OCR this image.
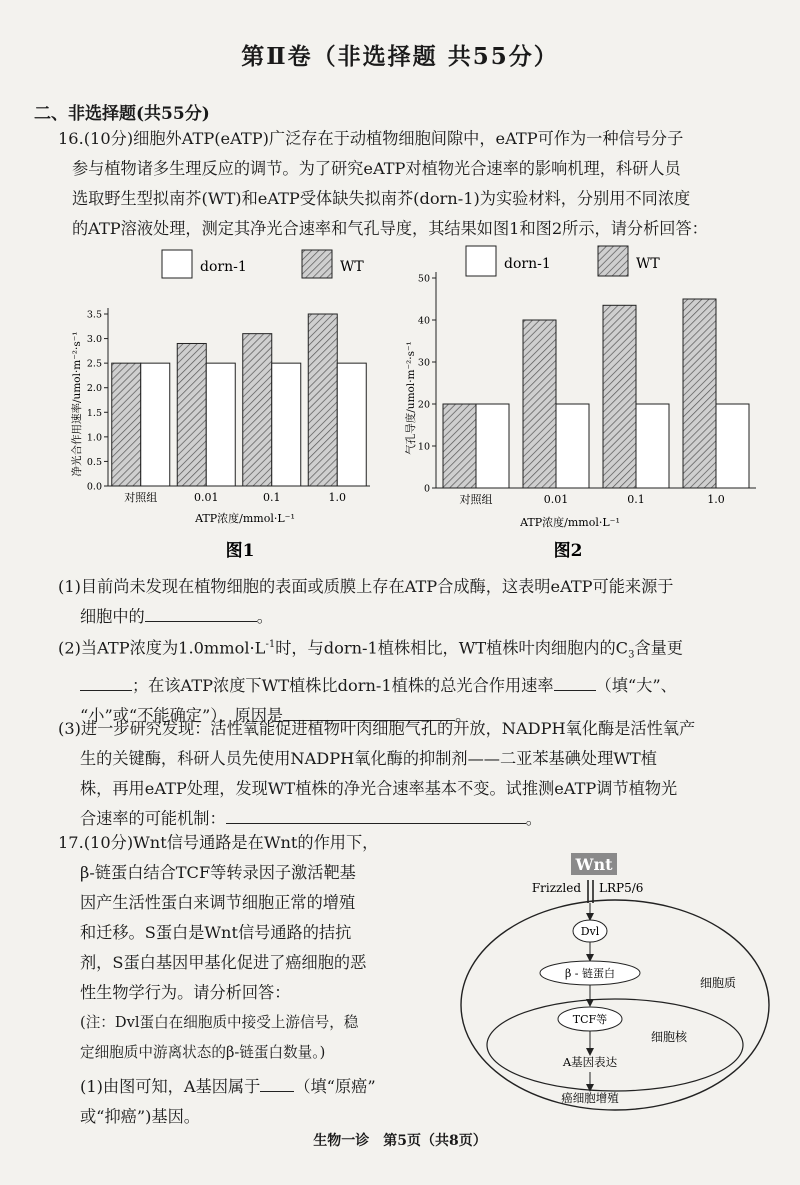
第Ⅱ卷（非选择题 共55分）
二、非选择题(共55分)
16.(10分)细胞外ATP(eATP)广泛存在于动植物细胞间隙中，eATP可作为一种信号分子
参与植物诸多生理反应的调节。为了研究eATP对植物光合速率的影响机理，科研人员
选取野生型拟南芥(WT)和eATP受体缺失拟南芥(dorn-1)为实验材料，分别用不同浓度
的ATP溶液处理，测定其净光合速率和气孔导度，其结果如图1和图2所示，请分析回答：
dorn-1	WT
0.0
0.5
1.0
1.5
2.0
2.5
3.0
3.5
对照组	0.01	0.1	1.0
净光合作用速率/umol·m⁻²·s⁻¹
ATP浓度/mmol·L⁻¹
图1
dorn-1	WT
0
10
20
30
40
50
对照组	0.01	0.1	1.0
气孔导度/umol·m⁻²·s⁻¹
ATP浓度/mmol·L⁻¹
图2
(1)目前尚未发现在植物细胞的表面或质膜上存在ATP合成酶，这表明eATP可能来源于
细胞中的	。
(2)当ATP浓度为$1.0mmol\cdot L^{-1}$时，与dorn-1植株相比，WT植株叶肉细胞内的$C_3$含量更
；在该ATP浓度下WT植株比dorn-1植株的总光合作用速率	（填“大”、
“小”或“不能确定”），原因是	。
(3)进一步研究发现：活性氧能促进植物叶肉细胞气孔的开放，NADPH氧化酶是活性氧产
生的关键酶，科研人员先使用NADPH氧化酶的抑制剂——二亚苯基碘处理WT植
株，再用eATP处理，发现WT植株的净光合速率基本不变。试推测eATP调节植物光
合速率的可能机制：	。
17.(10分)Wnt信号通路是在Wnt的作用下，
β-链蛋白结合TCF等转录因子激活靶基
因产生活性蛋白来调节细胞正常的增殖
和迁移。S蛋白是Wnt信号通路的拮抗
剂，S蛋白基因甲基化促进了癌细胞的恶
性生物学行为。请分析回答：
(注：Dvl蛋白在细胞质中接受上游信号，稳
定细胞质中游离状态的β-链蛋白数量。)
(1)由图可知，A基因属于 （填“原癌”
或“抑癌”)基因。
Wnt
Frizzled LRP5/6
Dvl
β - 链蛋白
细胞质
TCF等
细胞核
A基因表达
癌细胞增殖
生物一诊　第5页（共8页）
